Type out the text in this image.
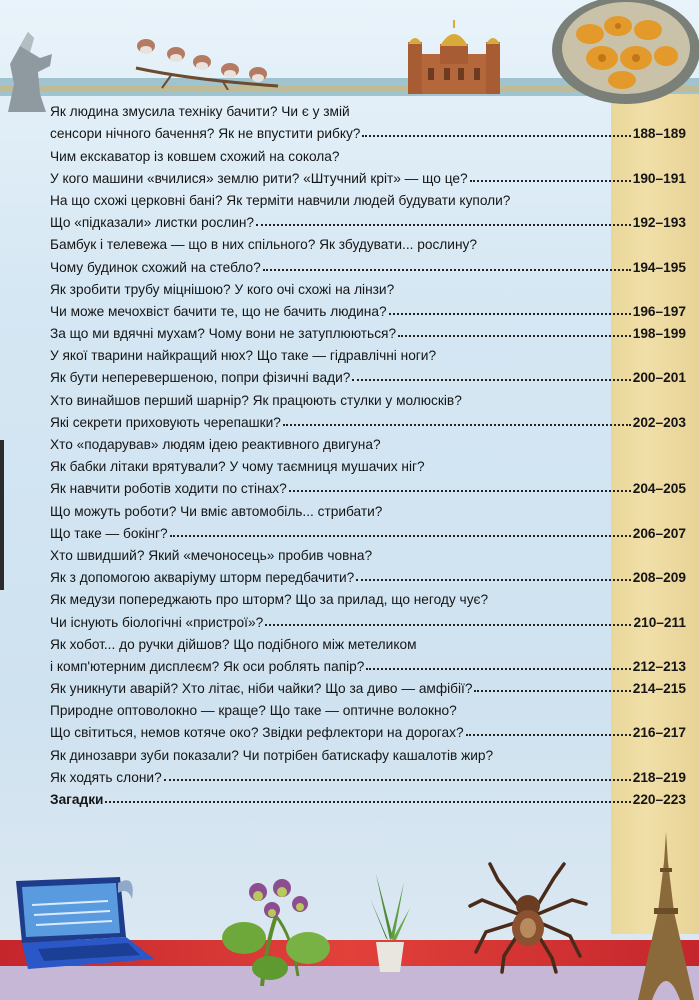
Як людина змусила техніку бачити? Чи є у змій
сенсори нічного бачення? Як не впустити рибку?	188–189
Чим екскаватор із ковшем схожий на сокола?
У кого машини «вчилися» землю рити? «Штучний кріт» — що це?	190–191
На що схожі церковні бані? Як терміти навчили людей будувати куполи?
Що «підказали» листки рослин?	192–193
Бамбук і телевежа — що в них спільного? Як збудувати... рослину?
Чому будинок схожий на стебло?	194–195
Як зробити трубу міцнішою? У кого очі схожі на лінзи?
Чи може мечохвіст бачити те, що не бачить людина?	196–197
За що ми вдячні мухам? Чому вони не затуплюються?	198–199
У якої тварини найкращий нюх? Що таке — гідравлічні ноги?
Як бути неперевершеною, попри фізичні вади?	200–201
Хто винайшов перший шарнір? Як працюють стулки у молюсків?
Які секрети приховують черепашки?	202–203
Хто «подарував» людям ідею реактивного двигуна?
Як бабки літаки врятували? У чому таємниця мушачих ніг?
Як навчити роботів ходити по стінах?	204–205
Що можуть роботи? Чи вміє автомобіль... стрибати?
Що таке — бокінг?	206–207
Хто швидший? Який «мечоносець» пробив човна?
Як з допомогою акваріуму шторм передбачити?	208–209
Як медузи попереджають про шторм? Що за прилад, що негоду чує?
Чи існують біологічні «пристрої»?	210–211
Як хобот... до ручки дійшов? Що подібного між метеликом
і комп'ютерним дисплеєм? Як оси роблять папір?	212–213
Як уникнути аварій? Хто літає, ніби чайки? Що за диво — амфібії?	214–215
Природне оптоволокно — краще? Що таке — оптичне волокно?
Що світиться, немов котяче око? Звідки рефлектори на дорогах?	216–217
Як динозаври зуби показали? Чи потрібен батискафу кашалотів жир?
Як ходять слони?	218–219
Загадки	220–223
